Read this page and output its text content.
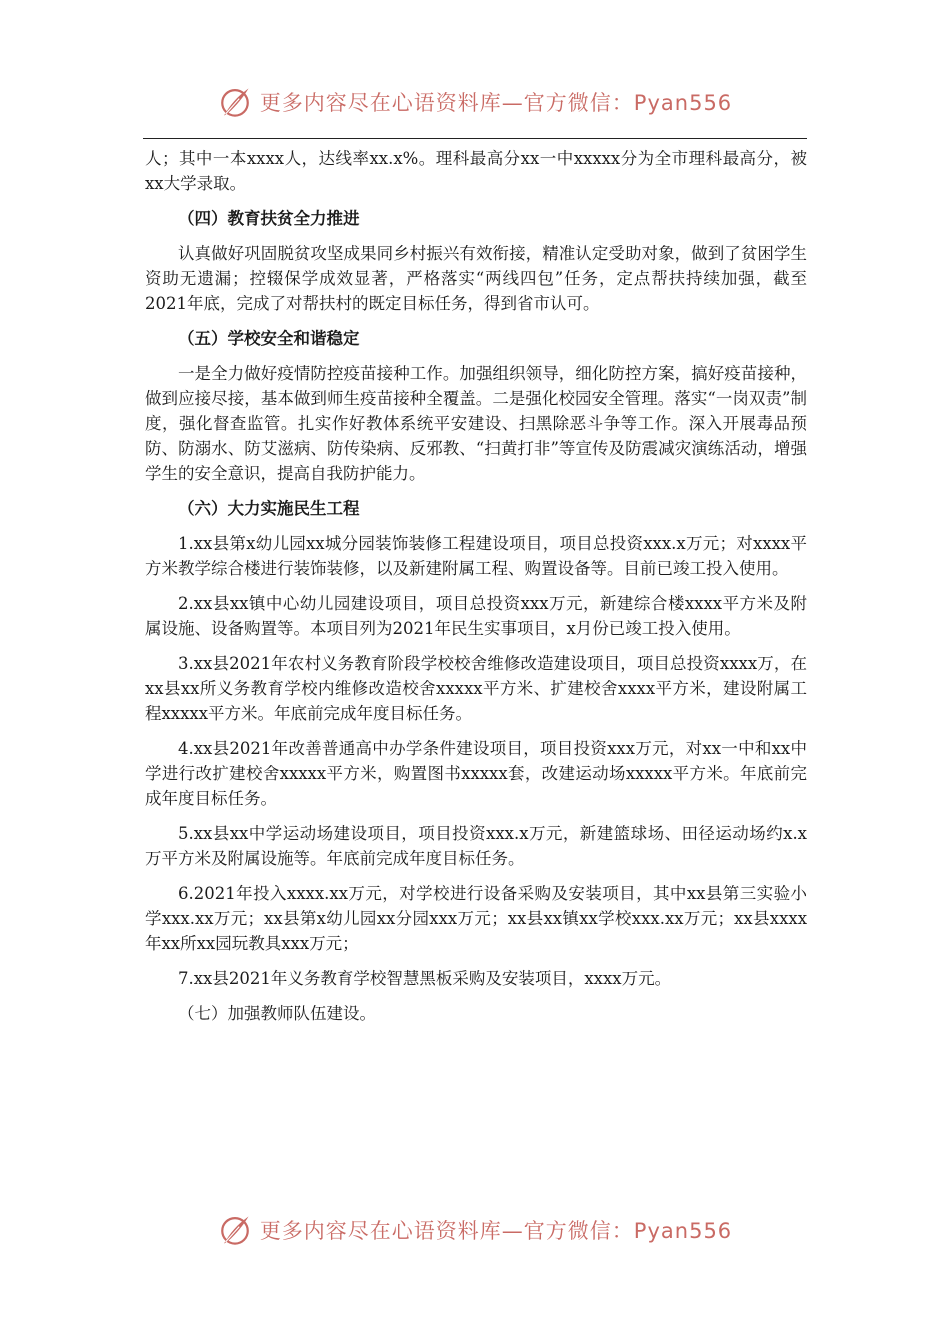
更多内容尽在心语资料库—官方微信：Pyan556

人；其中一本xxxx人，达线率xx.x%。理科最高分xx一中xxxxx分为全市理科最高分，被xx大学录取。

（四）教育扶贫全力推进

认真做好巩固脱贫攻坚成果同乡村振兴有效衔接，精准认定受助对象，做到了贫困学生资助无遗漏；控辍保学成效显著，严格落实“两线四包”任务，定点帮扶持续加强，截至2021年底，完成了对帮扶村的既定目标任务，得到省市认可。

（五）学校安全和谐稳定

一是全力做好疫情防控疫苗接种工作。加强组织领导，细化防控方案，搞好疫苗接种，做到应接尽接，基本做到师生疫苗接种全覆盖。二是强化校园安全管理。落实“一岗双责”制度，强化督查监管。扎实作好教体系统平安建设、扫黑除恶斗争等工作。深入开展毒品预防、防溺水、防艾滋病、防传染病、反邪教、“扫黄打非”等宣传及防震减灾演练活动，增强学生的安全意识，提高自我防护能力。

（六）大力实施民生工程

1.xx县第x幼儿园xx城分园装饰装修工程建设项目，项目总投资xxx.x万元；对xxxx平方米教学综合楼进行装饰装修，以及新建附属工程、购置设备等。目前已竣工投入使用。

2.xx县xx镇中心幼儿园建设项目，项目总投资xxx万元，新建综合楼xxxx平方米及附属设施、设备购置等。本项目列为2021年民生实事项目，x月份已竣工投入使用。

3.xx县2021年农村义务教育阶段学校校舍维修改造建设项目，项目总投资xxxx万，在xx县xx所义务教育学校内维修改造校舍xxxxx平方米、扩建校舍xxxx平方米，建设附属工程xxxxx平方米。年底前完成年度目标任务。

4.xx县2021年改善普通高中办学条件建设项目，项目投资xxx万元，对xx一中和xx中学进行改扩建校舍xxxxx平方米，购置图书xxxxx套，改建运动场xxxxx平方米。年底前完成年度目标任务。

5.xx县xx中学运动场建设项目，项目投资xxx.x万元，新建篮球场、田径运动场约x.x万平方米及附属设施等。年底前完成年度目标任务。

6.2021年投入xxxx.xx万元，对学校进行设备采购及安装项目，其中xx县第三实验小学xxx.xx万元；xx县第x幼儿园xx分园xxx万元；xx县xx镇xx学校xxx.xx万元；xx县xxxx年xx所xx园玩教具xxx万元；

7.xx县2021年义务教育学校智慧黑板采购及安装项目，xxxx万元。

（七）加强教师队伍建设。

更多内容尽在心语资料库—官方微信：Pyan556
